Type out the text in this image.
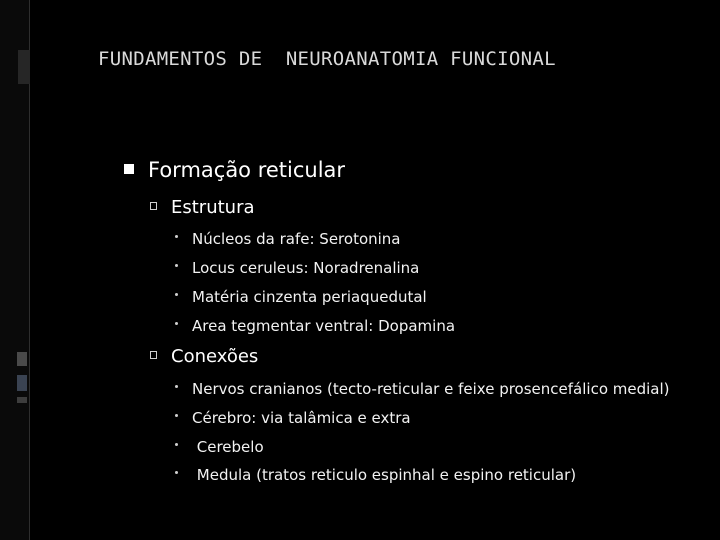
FUNDAMENTOS DE  NEUROANATOMIA FUNCIONAL
Formação reticular
Estrutura
Núcleos da rafe: Serotonina
Locus ceruleus: Noradrenalina
Matéria cinzenta periaquedutal
Area tegmentar ventral: Dopamina
Conexões
Nervos cranianos (tecto-reticular e feixe prosencefálico medial)
Cérebro: via talâmica e extra
Cerebelo
Medula (tratos reticulo espinhal e espino reticular)
